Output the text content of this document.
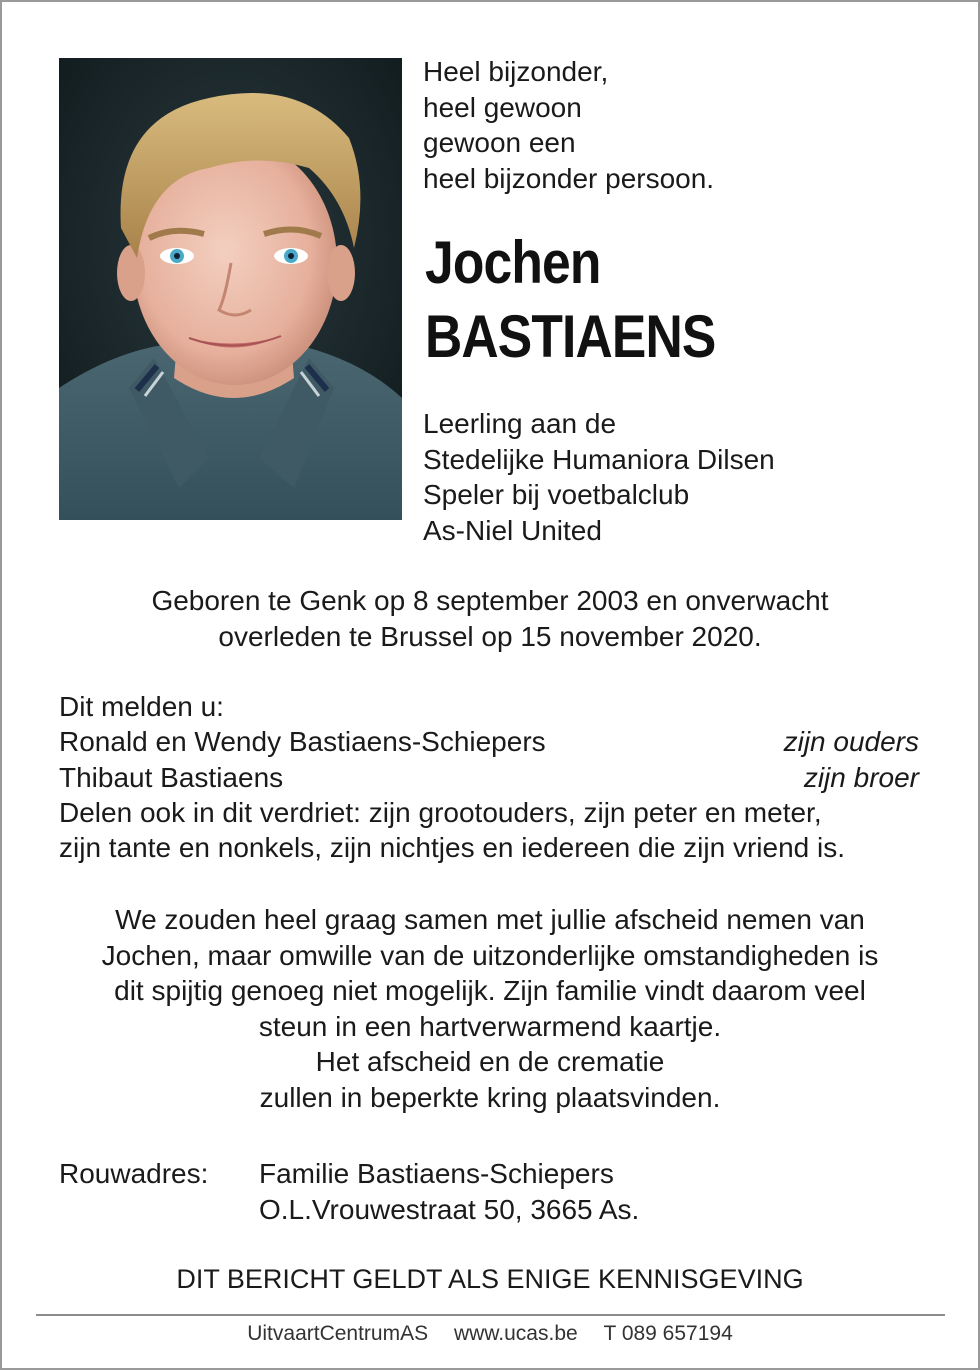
Heel bijzonder,
heel gewoon
gewoon een
heel bijzonder persoon.
Jochen
BASTIAENS
Leerling aan de
Stedelijke Humaniora Dilsen
Speler bij voetbalclub
As-Niel United
Geboren te Genk op 8 september 2003 en onverwacht
overleden te Brussel op 15 november 2020.
Dit melden u:
Ronald en Wendy Bastiaens-Schiepers	zijn ouders
Thibaut Bastiaens	zijn broer
Delen ook in dit verdriet: zijn grootouders, zijn peter en meter,
zijn tante en nonkels, zijn nichtjes en iedereen die zijn vriend is.
We zouden heel graag samen met jullie afscheid nemen van
Jochen, maar omwille van de uitzonderlijke omstandigheden is
dit spijtig genoeg niet mogelijk. Zijn familie vindt daarom veel
steun in een hartverwarmend kaartje.
Het afscheid en de crematie
zullen in beperkte kring plaatsvinden.
Rouwadres: Familie Bastiaens-Schiepers
O.L.Vrouwestraat 50, 3665 As.
DIT BERICHT GELDT ALS ENIGE KENNISGEVING
UitvaartCentrumAS www.ucas.be T 089 657194
